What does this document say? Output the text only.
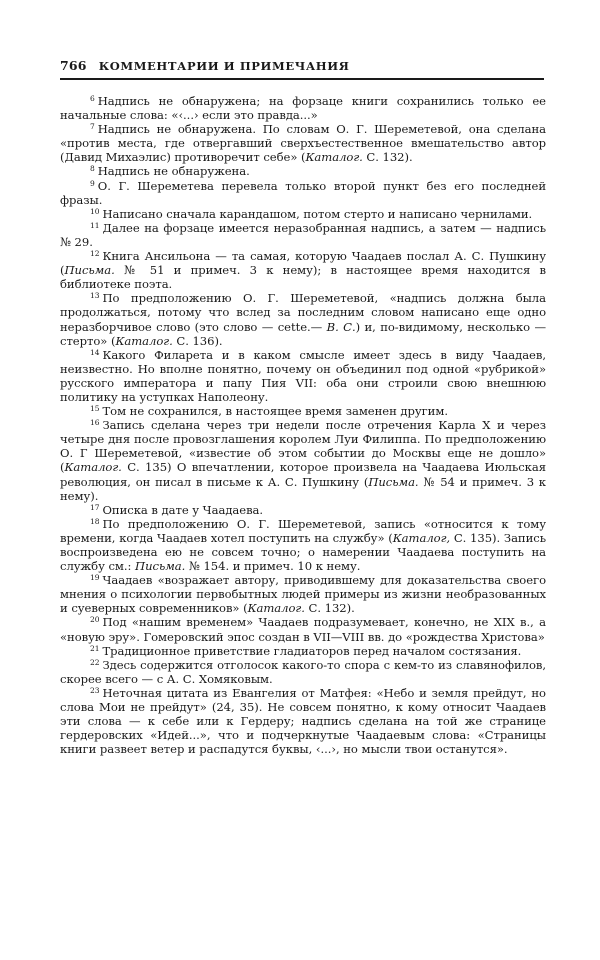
766 КОММЕНТАРИИ И ПРИМЕЧАНИЯ

$^6$ Надпись не обнаружена; на форзаце книги сохранились только ее начальные слова: «‹...› если это правда...»

$^7$ Надпись не обнаружена. По словам О. Г. Шереметевой, она сделана «против места, где отвергавший сверхъестественное вмешательство автор (Давид Михаэлис) противоречит себе» (Каталог. С. 132).

$^8$ Надпись не обнаружена.

$^9$ О. Г. Шереметева перевела только второй пункт без его последней фразы.

$^{10}$ Написано сначала карандашом, потом стерто и написано чернилами.

$^{11}$ Далее на форзаце имеется неразобранная надпись, а затем — надпись № 29.

$^{12}$ Книга Ансильона — та самая, которую Чаадаев послал А. С. Пушкину (Письма. № 51 и примеч. 3 к нему); в настоящее время находится в библиотеке поэта.

$^{13}$ По предположению О. Г. Шереметевой, «надпись должна была продолжаться, потому что вслед за последним словом написано еще одно неразборчивое слово (это слово — cette.— В. С.) и, по-видимому, несколько — стерто» (Каталог. С. 136).

$^{14}$ Какого Филарета и в каком смысле имеет здесь в виду Чаадаев, неизвестно. Но вполне понятно, почему он объединил под одной «рубрикой» русского императора и папу Пия VII: оба они строили свою внешнюю политику на уступках Наполеону.

$^{15}$ Том не сохранился, в настоящее время заменен другим.

$^{16}$ Запись сделана через три недели после отречения Карла X и через четыре дня после провозглашения королем Луи Филиппа. По предположению О. Г Шереметевой, «известие об этом событии до Москвы еще не дошло» (Каталог. С. 135) О впечатлении, которое произвела на Чаадаева Июльская революция, он писал в письме к А. С. Пушкину (Письма. № 54 и примеч. 3 к нему).

$^{17}$ Описка в дате у Чаадаева.

$^{18}$ По предположению О. Г. Шереметевой, запись «относится к тому времени, когда Чаадаев хотел поступить на службу» (Каталог, С. 135). Запись воспроизведена ею не совсем точно; о намерении Чаадаева поступить на службу см.: Письма. № 154. и примеч. 10 к нему.

$^{19}$ Чаадаев «возражает автору, приводившему для доказательства своего мнения о психологии первобытных людей примеры из жизни необразованных и суеверных современников» (Каталог. С. 132).

$^{20}$ Под «нашим временем» Чаадаев подразумевает, конечно, не XIX в., а «новую эру». Гомеровский эпос создан в VII—VIII вв. до «рождества Христова»

$^{21}$ Традиционное приветствие гладиаторов перед началом состязания.

$^{22}$ Здесь содержится отголосок какого-то спора с кем-то из славянофилов, скорее всего — с А. С. Хомяковым.

$^{23}$ Неточная цитата из Евангелия от Матфея: «Небо и земля прейдут, но слова Мои не прейдут» (24, 35). Не совсем понятно, к кому относит Чаадаев эти слова — к себе или к Гердеру; надпись сделана на той же странице гердеровских «Идей...», что и подчеркнутые Чаадаевым слова: «Страницы книги развеет ветер и распадутся буквы, ‹...›, но мысли твои останутся».
